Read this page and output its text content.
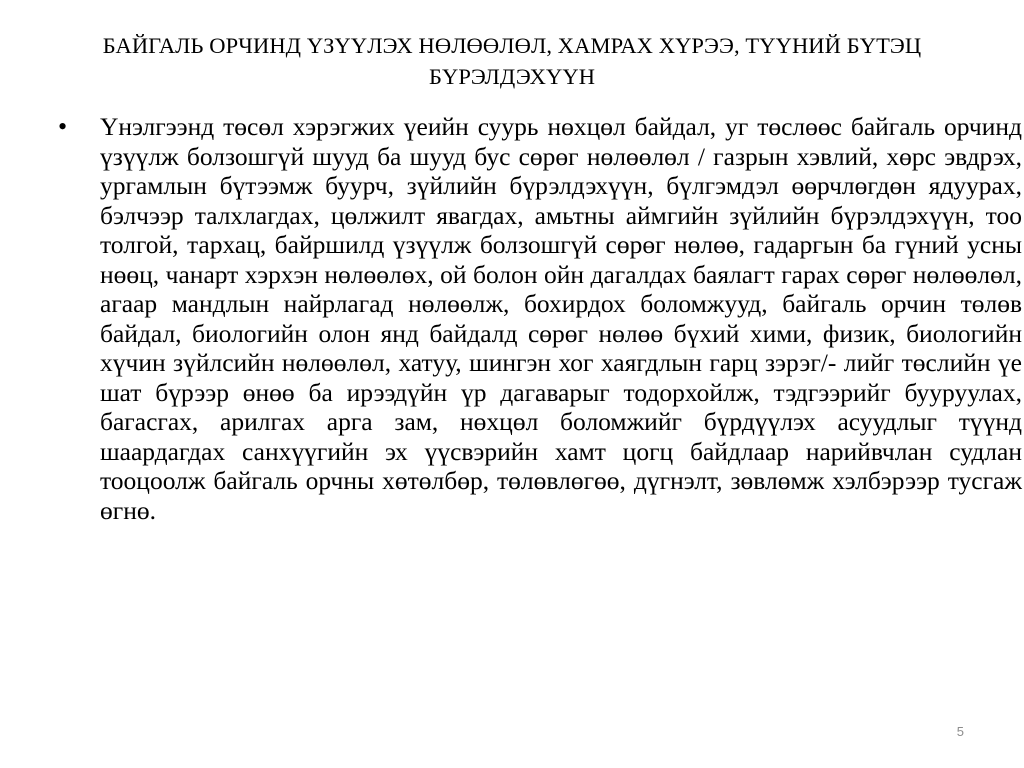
БАЙГАЛЬ ОРЧИНД ҮЗҮҮЛЭХ НӨЛӨӨЛӨЛ, ХАМРАХ ХҮРЭЭ, ТҮҮНИЙ БҮТЭЦ БҮРЭЛДЭХҮҮН
• Үнэлгээнд төсөл хэрэгжих үеийн суурь нөхцөл байдал, уг төслөөс байгаль орчинд үзүүлж болзошгүй шууд ба шууд бус сөрөг нөлөөлөл / газрын хэвлий, хөрс эвдрэх, ургамлын бүтээмж буурч, зүйлийн бүрэлдэхүүн, бүлгэмдэл өөрчлөгдөн ядуурах, бэлчээр талхлагдах, цөлжилт явагдах, амьтны аймгийн зүйлийн бүрэлдэхүүн, тоо толгой, тархац, байршилд үзүүлж болзошгүй сөрөг нөлөө, гадаргын ба гүний усны нөөц, чанарт хэрхэн нөлөөлөх, ой болон ойн дагалдах баялагт гарах сөрөг нөлөөлөл, агаар мандлын найрлагад нөлөөлж, бохирдох боломжууд, байгаль орчин төлөв байдал, биологийн олон янд байдалд сөрөг нөлөө бүхий хими, физик, биологийн хүчин зүйлсийн нөлөөлөл, хатуу, шингэн хог хаягдлын гарц зэрэг/- лийг төслийн үе шат бүрээр өнөө ба ирээдүйн үр дагаварыг тодорхойлж, тэдгээрийг бууруулах, багасгах, арилгах арга зам, нөхцөл боломжийг бүрдүүлэх асуудлыг түүнд шаардагдах санхүүгийн эх үүсвэрийн хамт цогц байдлаар нарийвчлан судлан тооцоолж байгаль орчны хөтөлбөр, төлөвлөгөө, дүгнэлт, зөвлөмж хэлбэрээр тусгаж өгнө.

5
